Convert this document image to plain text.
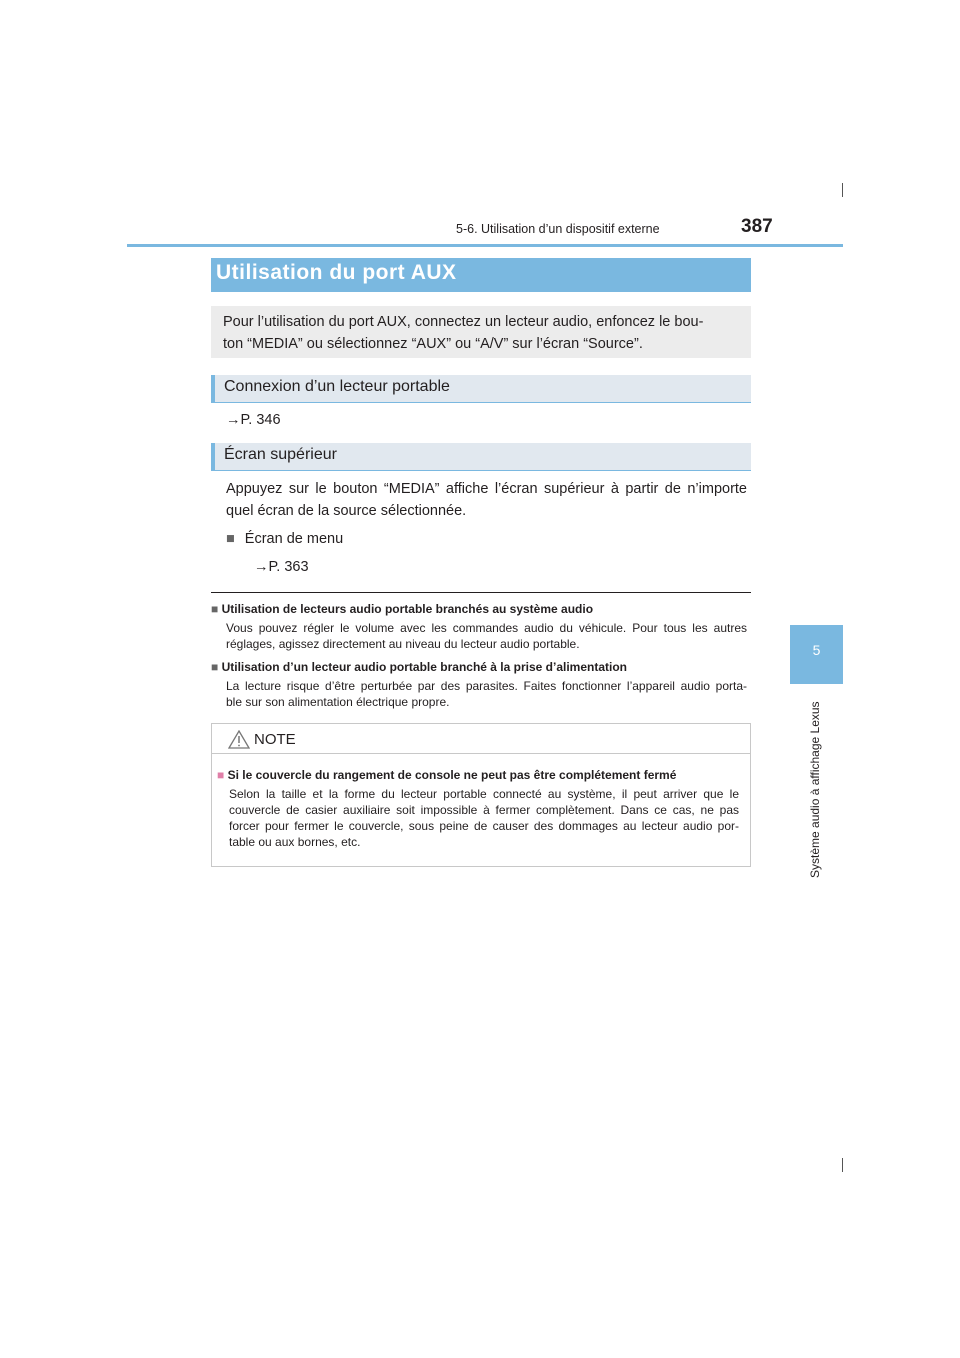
5-6. Utilisation d’un dispositif externe	387
5
Système audio à affichage Lexus
Utilisation du port AUX
Pour l’utilisation du port AUX, connectez un lecteur audio, enfoncez le bou-
ton “MEDIA” ou sélectionnez “AUX” ou “A/V” sur l’écran “Source”.
Connexion d’un lecteur portable
→P. 346
Écran supérieur
Appuyez sur le bouton “MEDIA” affiche l’écran supérieur à partir de n’importe
quel écran de la source sélectionnée.
■ Écran de menu
→P. 363
■ Utilisation de lecteurs audio portable branchés au système audio
Vous pouvez régler le volume avec les commandes audio du véhicule. Pour tous les autres
réglages, agissez directement au niveau du lecteur audio portable.
■ Utilisation d’un lecteur audio portable branché à la prise d’alimentation
La lecture risque d’être perturbée par des parasites. Faites fonctionner l’appareil audio porta-
ble sur son alimentation électrique propre.
NOTE
■ Si le couvercle du rangement de console ne peut pas être complétement fermé
Selon la taille et la forme du lecteur portable connecté au système, il peut arriver que le
couvercle de casier auxiliaire soit impossible à fermer complètement. Dans ce cas, ne pas
forcer pour fermer le couvercle, sous peine de causer des dommages au lecteur audio por-
table ou aux bornes, etc.
